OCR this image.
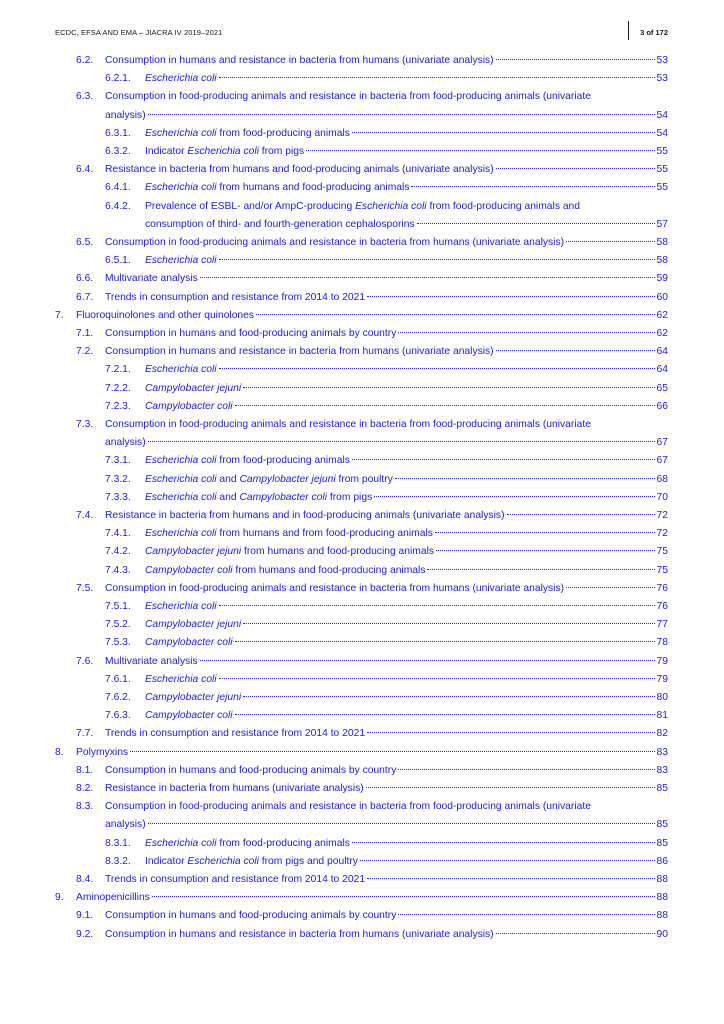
ECDC, EFSA AND EMA – JIACRA IV 2019–2021	3 of 172
6.2. Consumption in humans and resistance in bacteria from humans (univariate analysis)	53
6.2.1. Escherichia coli	53
6.3. Consumption in food-producing animals and resistance in bacteria from food-producing animals (univariate
analysis)	54
6.3.1. Escherichia coli from food-producing animals	54
6.3.2. Indicator Escherichia coli from pigs	55
6.4. Resistance in bacteria from humans and food-producing animals (univariate analysis)	55
6.4.1. Escherichia coli from humans and food-producing animals	55
6.4.2. Prevalence of ESBL- and/or AmpC-producing Escherichia coli from food-producing animals and
consumption of third- and fourth-generation cephalosporins	57
6.5. Consumption in food-producing animals and resistance in bacteria from humans (univariate analysis)	58
6.5.1. Escherichia coli	58
6.6. Multivariate analysis	59
6.7. Trends in consumption and resistance from 2014 to 2021	60
7. Fluoroquinolones and other quinolones	62
7.1. Consumption in humans and food-producing animals by country	62
7.2. Consumption in humans and resistance in bacteria from humans (univariate analysis)	64
7.2.1. Escherichia coli	64
7.2.2. Campylobacter jejuni	65
7.2.3. Campylobacter coli	66
7.3. Consumption in food-producing animals and resistance in bacteria from food-producing animals (univariate
analysis)	67
7.3.1. Escherichia coli from food-producing animals	67
7.3.2. Escherichia coli and Campylobacter jejuni from poultry	68
7.3.3. Escherichia coli and Campylobacter coli from pigs	70
7.4. Resistance in bacteria from humans and in food-producing animals (univariate analysis)	72
7.4.1. Escherichia coli from humans and from food-producing animals	72
7.4.2. Campylobacter jejuni from humans and food-producing animals	75
7.4.3. Campylobacter coli from humans and food-producing animals	75
7.5. Consumption in food-producing animals and resistance in bacteria from humans (univariate analysis)	76
7.5.1. Escherichia coli	76
7.5.2. Campylobacter jejuni	77
7.5.3. Campylobacter coli	78
7.6. Multivariate analysis	79
7.6.1. Escherichia coli	79
7.6.2. Campylobacter jejuni	80
7.6.3. Campylobacter coli	81
7.7. Trends in consumption and resistance from 2014 to 2021	82
8. Polymyxins	83
8.1. Consumption in humans and food-producing animals by country	83
8.2. Resistance in bacteria from humans (univariate analysis)	85
8.3. Consumption in food-producing animals and resistance in bacteria from food-producing animals (univariate
analysis)	85
8.3.1. Escherichia coli from food-producing animals	85
8.3.2. Indicator Escherichia coli from pigs and poultry	86
8.4. Trends in consumption and resistance from 2014 to 2021	88
9. Aminopenicillins	88
9.1. Consumption in humans and food-producing animals by country	88
9.2. Consumption in humans and resistance in bacteria from humans (univariate analysis)	90
